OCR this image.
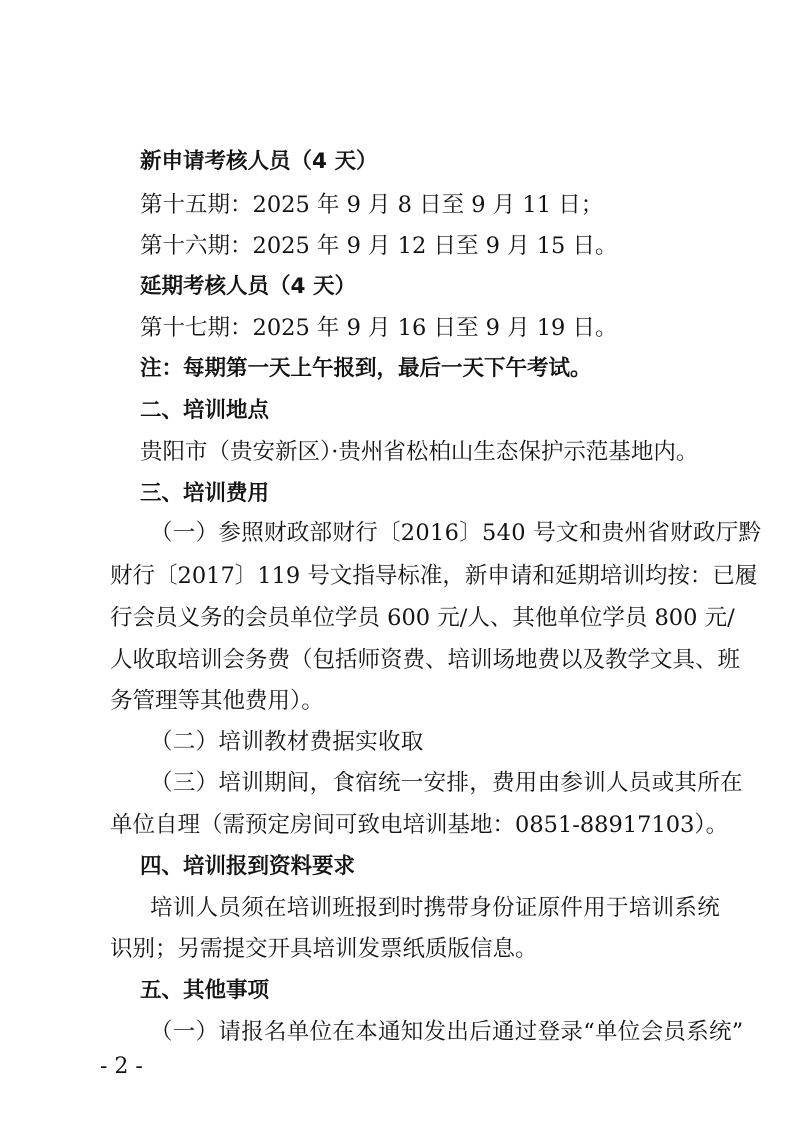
新申请考核人员（4 天）
第十五期：2025 年 9 月 8 日至 9 月 11 日；
第十六期：2025 年 9 月 12 日至 9 月 15 日。
延期考核人员（4 天）
第十七期：2025 年 9 月 16 日至 9 月 19 日。
注：每期第一天上午报到，最后一天下午考试。
二、培训地点
贵阳市（贵安新区）·贵州省松柏山生态保护示范基地内。
三、培训费用
（一）参照财政部财行〔2016〕540 号文和贵州省财政厅黔
财行〔2017〕119 号文指导标准，新申请和延期培训均按：已履
行会员义务的会员单位学员 600 元/人、其他单位学员 800 元/
人收取培训会务费（包括师资费、培训场地费以及教学文具、班
务管理等其他费用）。
（二）培训教材费据实收取
（三）培训期间，食宿统一安排，费用由参训人员或其所在
单位自理（需预定房间可致电培训基地：0851-88917103）。
四、培训报到资料要求
培训人员须在培训班报到时携带身份证原件用于培训系统
识别；另需提交开具培训发票纸质版信息。
五、其他事项
（一）请报名单位在本通知发出后通过登录“单位会员系统”
- 2 -
